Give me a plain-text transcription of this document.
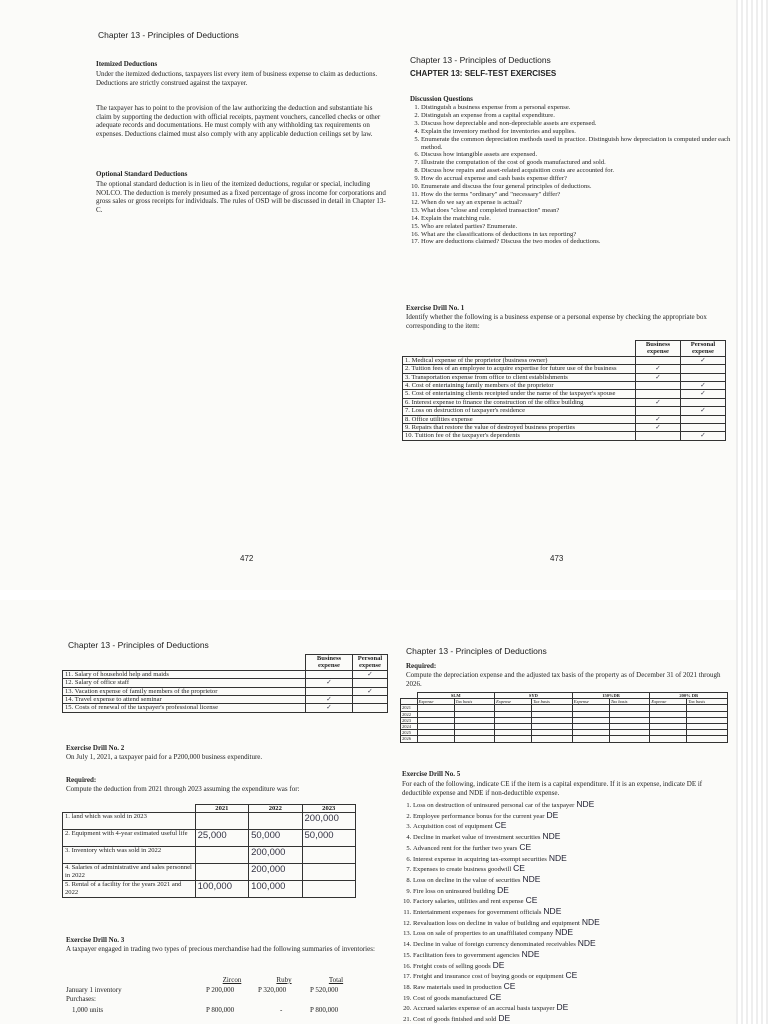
Chapter 13 - Principles of Deductions
Itemized Deductions
Under the itemized deductions, taxpayers list every item of business expense to claim as deductions. Deductions are strictly construed against the taxpayer.
The taxpayer has to point to the provision of the law authorizing the deduction and substantiate his claim by supporting the deduction with official receipts, payment vouchers, cancelled checks or other adequate records and documentations. He must comply with any withholding tax requirements on expenses. Deductions claimed must also comply with any applicable deduction ceilings set by law.
Optional Standard Deductions
The optional standard deduction is in lieu of the itemized deductions, regular or special, including NOLCO. The deduction is merely presumed as a fixed percentage of gross income for corporations and gross sales or gross receipts for individuals. The rules of OSD will be discussed in detail in Chapter 13-C.
472
Chapter 13 - Principles of Deductions
CHAPTER 13: SELF-TEST EXERCISES
Discussion Questions
1. Distinguish a business expense from a personal expense.
2. Distinguish an expense from a capital expenditure.
3. Discuss how depreciable and non-depreciable assets are expensed.
4. Explain the inventory method for inventories and supplies.
5. Enumerate the common depreciation methods used in practice. Distinguish how depreciation is computed under each method.
6. Discuss how intangible assets are expensed.
7. Illustrate the computation of the cost of goods manufactured and sold.
8. Discuss how repairs and asset-related acquisition costs are accounted for.
9. How do accrual expense and cash basis expense differ?
10. Enumerate and discuss the four general principles of deductions.
11. How do the terms "ordinary" and "necessary" differ?
12. When do we say an expense is actual?
13. What does "close and completed transaction" mean?
14. Explain the matching rule.
15. Who are related parties? Enumerate.
16. What are the classifications of deductions in tax reporting?
17. How are deductions claimed? Discuss the two modes of deductions.
Exercise Drill No. 1
Identify whether the following is a business expense or a personal expense by checking the appropriate box corresponding to the item:
	Business expense	Personal expense
1. Medical expense of the proprietor (business owner)		✓
2. Tuition fees of an employee to acquire expertise for future use of the business	✓	
3. Transportation expense from office to client establishments	✓	
4. Cost of entertaining family members of the proprietor		✓
5. Cost of entertaining clients receipted under the name of the taxpayer's spouse		✓
6. Interest expense to finance the construction of the office building	✓	
7. Loss on destruction of taxpayer's residence		✓
8. Office utilities expense	✓	
9. Repairs that restore the value of destroyed business properties	✓	
10. Tuition fee of the taxpayer's dependents		✓
473
Chapter 13 - Principles of Deductions
	Business expense	Personal expense
11. Salary of household help and maids		✓
12. Salary of office staff	✓	
13. Vacation expense of family members of the proprietor		✓
14. Travel expense to attend seminar	✓	
15. Costs of renewal of the taxpayer's professional license	✓	
Exercise Drill No. 2
On July 1, 2021, a taxpayer paid for a P200,000 business expenditure.
Required:
Compute the deduction from 2021 through 2023 assuming the expenditure was for:
	2021	2022	2023
1. land which was sold in 2023			200,000
2. Equipment with 4-year estimated useful life	25,000	50,000	50,000
3. Inventory which was sold in 2022		200,000	
4. Salaries of administrative and sales personnel in 2022		200,000	
5. Rental of a facility for the years 2021 and 2022	100,000	100,000	
Exercise Drill No. 3
A taxpayer engaged in trading two types of precious merchandise had the following summaries of inventories:
Zircon	Ruby	Total
January 1 inventory	P 200,000	P 320,000	P 520,000
Purchases:
1,000 units	P 800,000	-	P 800,000
Chapter 13 - Principles of Deductions
Required:
Compute the depreciation expense and the adjusted tax basis of the property as of December 31 of 2021 through 2026.
	SLM		SYD		150%DB		200% DB	
	Expense	Tax basis	Expense	Tax basis	Expense	Tax basis	Expense	Tax basis
2021								
2022								
2023								
2024								
2025								
2026								
Exercise Drill No. 5
For each of the following, indicate CE if the item is a capital expenditure. If it is an expense, indicate DE if deductible expense and NDE if non-deductible expense.
1. Loss on destruction of uninsured personal car of the taxpayer NDE
2. Employee performance bonus for the current year DE
3. Acquisition cost of equipment CE
4. Decline in market value of investment securities NDE
5. Advanced rent for the further two years CE
6. Interest expense in acquiring tax-exempt securities NDE
7. Expenses to create business goodwill CE
8. Loss on decline in the value of securities NDE
9. Fire loss on uninsured building DE
10. Factory salaries, utilities and rent expense CE
11. Entertainment expenses for government officials NDE
12. Revaluation loss on decline in value of building and equipment NDE
13. Loss on sale of properties to an unaffiliated company NDE
14. Decline in value of foreign currency denominated receivables NDE
15. Facilitation fees to government agencies NDE
16. Freight costs of selling goods DE
17. Freight and insurance cost of buying goods or equipment CE
18. Raw materials used in production CE
19. Cost of goods manufactured CE
20. Accrued salaries expense of an accrual basis taxpayer DE
21. Cost of goods finished and sold DE
